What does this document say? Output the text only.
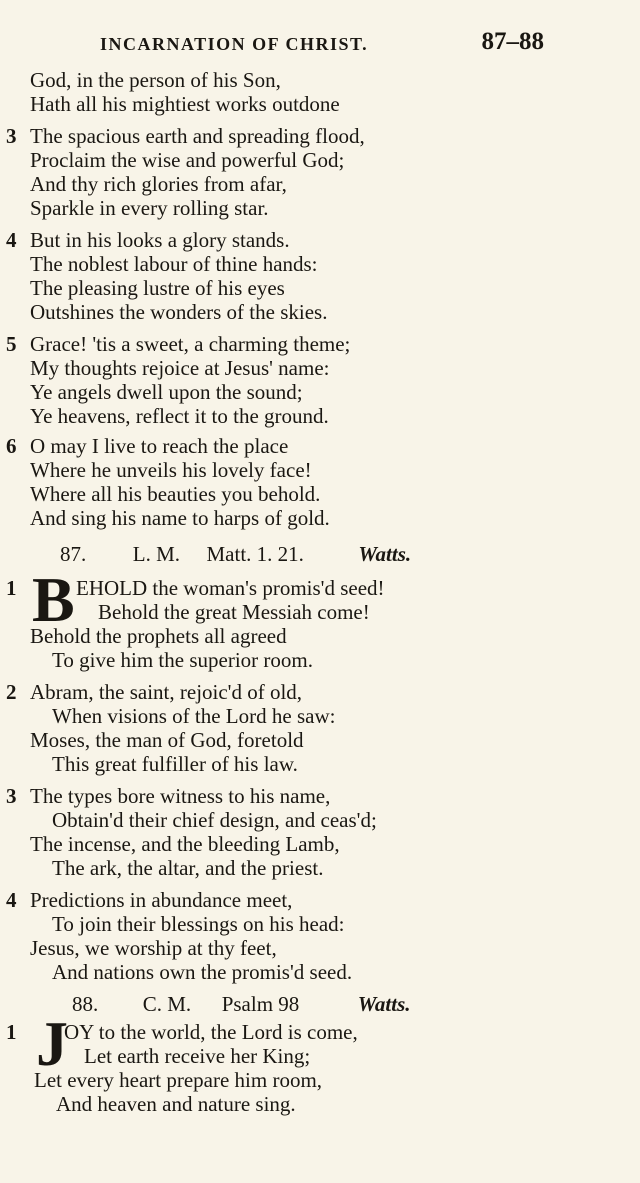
INCARNATION OF CHRIST.	87–88
God, in the person of his Son,
Hath all his mightiest works outdone
3 The spacious earth and spreading flood,
Proclaim the wise and powerful God;
And thy rich glories from afar,
Sparkle in every rolling star.
4 But in his looks a glory stands.
The noblest labour of thine hands:
The pleasing lustre of his eyes
Outshines the wonders of the skies.
5 Grace! 'tis a sweet, a charming theme;
My thoughts rejoice at Jesus' name:
Ye angels dwell upon the sound;
Ye heavens, reflect it to the ground.
6 O may I live to reach the place
Where he unveils his lovely face!
Where all his beauties you behold.
And sing his name to harps of gold.
87. L. M. Matt. 1. 21.	Watts.
1 B EHOLD the woman's promis'd seed!
Behold the great Messiah come!
Behold the prophets all agreed
To give him the superior room.
2 Abram, the saint, rejoic'd of old,
When visions of the Lord he saw:
Moses, the man of God, foretold
This great fulfiller of his law.
3 The types bore witness to his name,
Obtain'd their chief design, and ceas'd;
The incense, and the bleeding Lamb,
The ark, the altar, and the priest.
4 Predictions in abundance meet,
To join their blessings on his head:
Jesus, we worship at thy feet,
And nations own the promis'd seed.
88. C. M. Psalm 98	Watts.
1 J
OY to the world, the Lord is come,
Let earth receive her King;
Let every heart prepare him room,
And heaven and nature sing.
